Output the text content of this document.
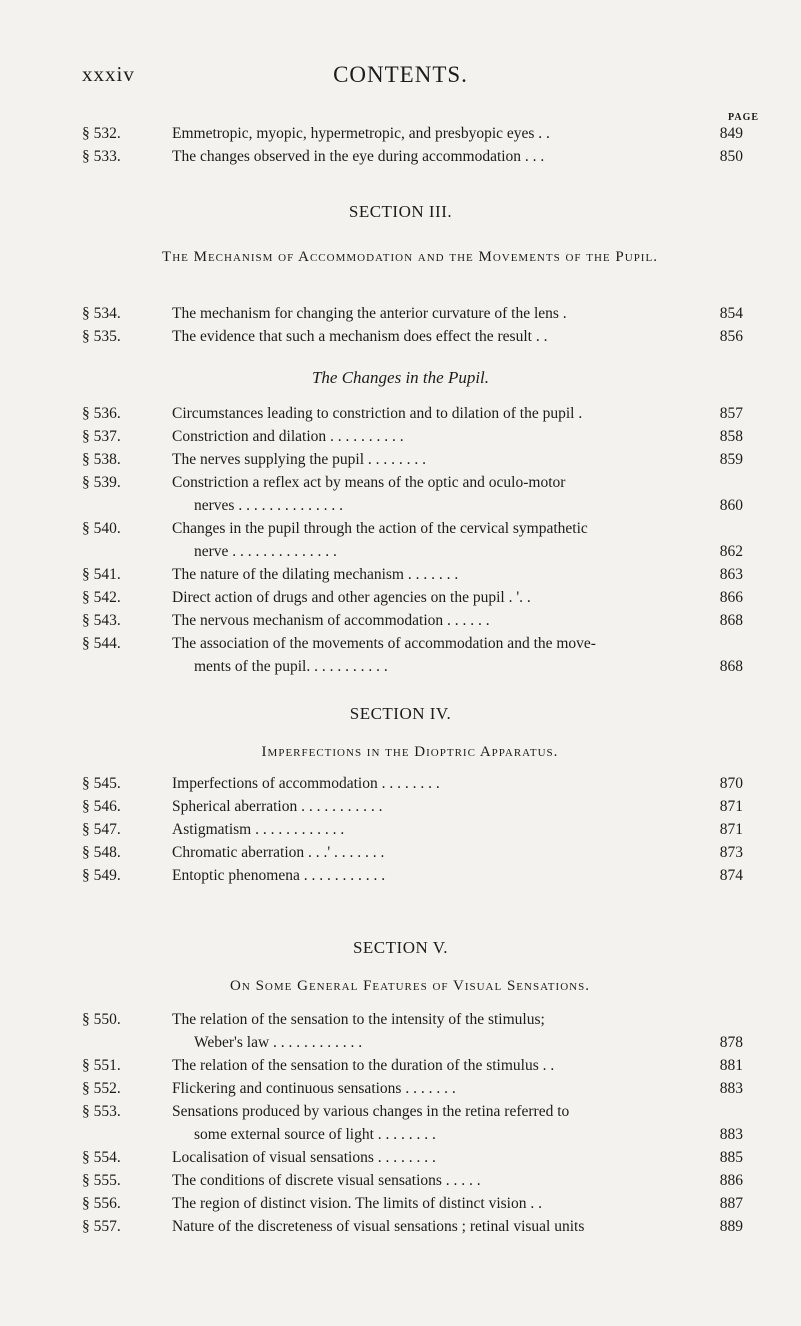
xxxiv	CONTENTS.
PAGE
§ 532.	Emmetropic, myopic, hypermetropic, and presbyopic eyes . .	849
§ 533.	The changes observed in the eye during accommodation . . .	850
SECTION III.
The Mechanism of Accommodation and the Movements of the Pupil.
§ 534.	The mechanism for changing the anterior curvature of the lens .	854
§ 535.	The evidence that such a mechanism does effect the result . .	856
The Changes in the Pupil.
§ 536.	Circumstances leading to constriction and to dilation of the pupil .	857
§ 537.	Constriction and dilation . . . . . . . . . .	858
§ 538.	The nerves supplying the pupil . . . . . . . .	859
§ 539.	Constriction a reflex act by means of the optic and oculo-motor
nerves . . . . . . . . . . . . . .	860
§ 540.	Changes in the pupil through the action of the cervical sympathetic
nerve . . . . . . . . . . . . . .	862
§ 541.	The nature of the dilating mechanism . . . . . . .	863
§ 542.	Direct action of drugs and other agencies on the pupil . '. .	866
§ 543.	The nervous mechanism of accommodation . . . . . .	868
§ 544.	The association of the movements of accommodation and the move-
ments of the pupil. . . . . . . . . . .	868
SECTION IV.
Imperfections in the Dioptric Apparatus.
§ 545.	Imperfections of accommodation . . . . . . . .	870
§ 546.	Spherical aberration . . . . . . . . . . .	871
§ 547.	Astigmatism . . . . . . . . . . . .	871
§ 548.	Chromatic aberration . . .' . . . . . . .	873
§ 549.	Entoptic phenomena . . . . . . . . . . .	874
SECTION V.
On Some General Features of Visual Sensations.
§ 550.	The relation of the sensation to the intensity of the stimulus;
Weber's law . . . . . . . . . . . .	878
§ 551.	The relation of the sensation to the duration of the stimulus . .	881
§ 552.	Flickering and continuous sensations . . . . . . .	883
§ 553.	Sensations produced by various changes in the retina referred to
some external source of light . . . . . . . .	883
§ 554.	Localisation of visual sensations . . . . . . . .	885
§ 555.	The conditions of discrete visual sensations . . . . .	886
§ 556.	The region of distinct vision. The limits of distinct vision . .	887
§ 557.	Nature of the discreteness of visual sensations ; retinal visual units	889
